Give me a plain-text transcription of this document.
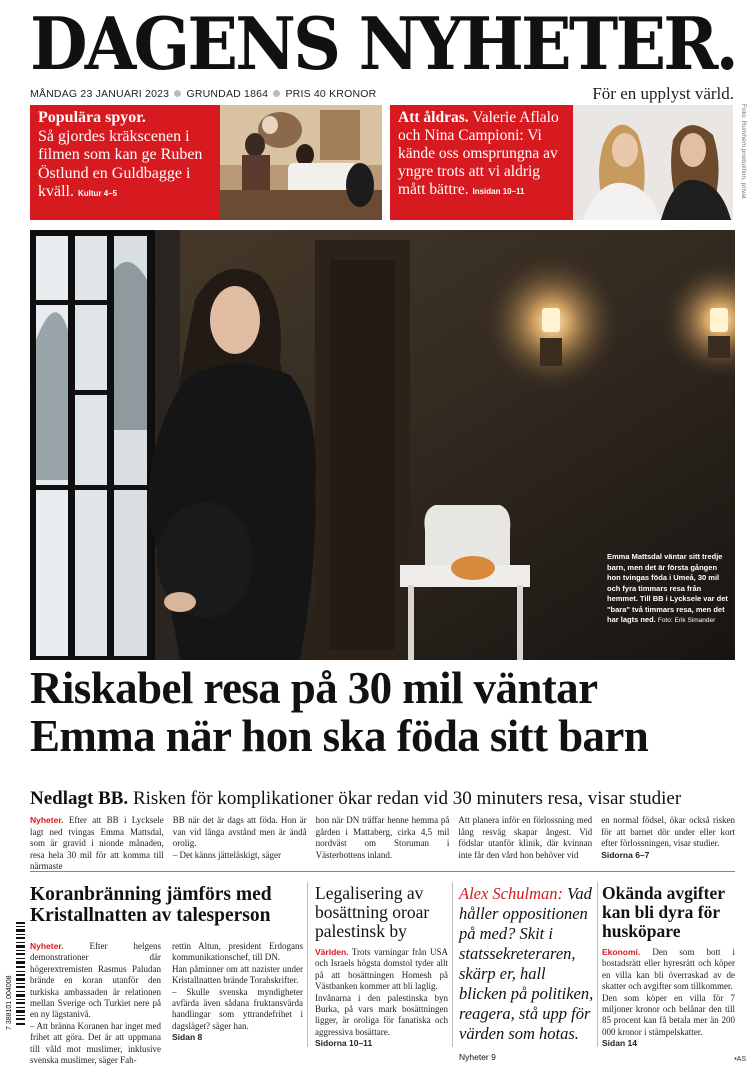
DAGENS NYHETER.
MÅNDAG 23 JANUARI 2023 GRUNDAD 1864 PRIS 40 KRONOR	För en upplyst värld.
Foto: Rumhem produktion, privat
Populära spyor.
Så gjordes kräkscenen i filmen som kan ge Ruben Östlund en Guldbagge i kväll. Kultur 4–5
Att åldras. Valerie Aflalo och Nina Campioni: Vi kände oss omsprungna av yngre trots att vi aldrig mått bättre. Insidan 10–11
Emma Mattsdal väntar sitt tredje barn, men det är första gången hon tvingas föda i Umeå, 30 mil och fyra timmars resa från hemmet. Till BB i Lycksele var det "bara" två timmars resa, men det har lagts ned. Foto: Erik Simander
Riskabel resa på 30 mil väntar
Emma när hon ska föda sitt barn
Nedlagt BB. Risken för komplikationer ökar redan vid 30 minuters resa, visar studier
Nyheter. Efter att BB i Lycksele lagt ned tvingas Emma Mattsdal, som är gravid i nionde månaden, resa hela 30 mil för att komma till närmaste
BB när det är dags att föda. Hon är van vid långa avstånd men är ändå orolig.
– Det känns jätteläskigt, säger
hon när DN träffar henne hemma på gården i Mattaberg, cirka 4,5 mil nordväst om Storuman i Västerbottens inland.
Att planera inför en förlossning med lång resväg skapar ångest. Vid födslar utanför klinik, där kvinnan inte får den vård hon behöver vid
en normal födsel, ökar också risken för att barnet dör under eller kort efter förlossningen, visar studier.
Sidorna 6–7
7 388101 004008
Koranbränning jämförs med Kristallnatten av talesperson
Nyheter.	Efter helgens demonstrationer där högerextremisten Rasmus Paludan brände en koran utanför den turkiska ambassaden är relationen mellan Sverige och Turkiet nere på en ny lägstanivå.
– Att bränna Koranen har inget med frihet att göra. Det är att uppmana till våld mot muslimer, inklusive svenska muslimer, säger Fah-
rettin Altun, president Erdogans kommunikationschef, till DN.
Han påminner om att nazister under Kristallnatten brände Torahskrifter.
– Skulle svenska myndigheter avfärda även sådana fruktansvärda handlingar som yttrandefrihet i dagsläget? säger han.
Sidan 8
Legalisering av bosättning oroar palestinsk by
Världen. Trots varningar från USA och Israels högsta domstol tyder allt på att bosättningen Homesh på Västbanken kommer att bli laglig.
Invånarna i den palestinska byn Burka, på vars mark bosättningen ligger, är oroliga för fanatiska och aggressiva bosättare.
Sidorna 10–11
Alex Schulman: Vad håller oppositionen på med? Skit i statssekreteraren, skärp er, hall blicken på politiken, reagera, stå upp för värden som hotas.
Nyheter 9
Okända avgifter kan bli dyra för husköpare
Ekonomi. Den som bott i bostadsrätt eller hyresrätt och köper en villa kan bli överraskad av de skatter och avgifter som tillkommer.
Den som köper en villa för 7 miljoner kronor och belånar den till 85 procent kan få betala mer än 200 000 kronor i stämpelskatter.
Sidan 14
•AS
